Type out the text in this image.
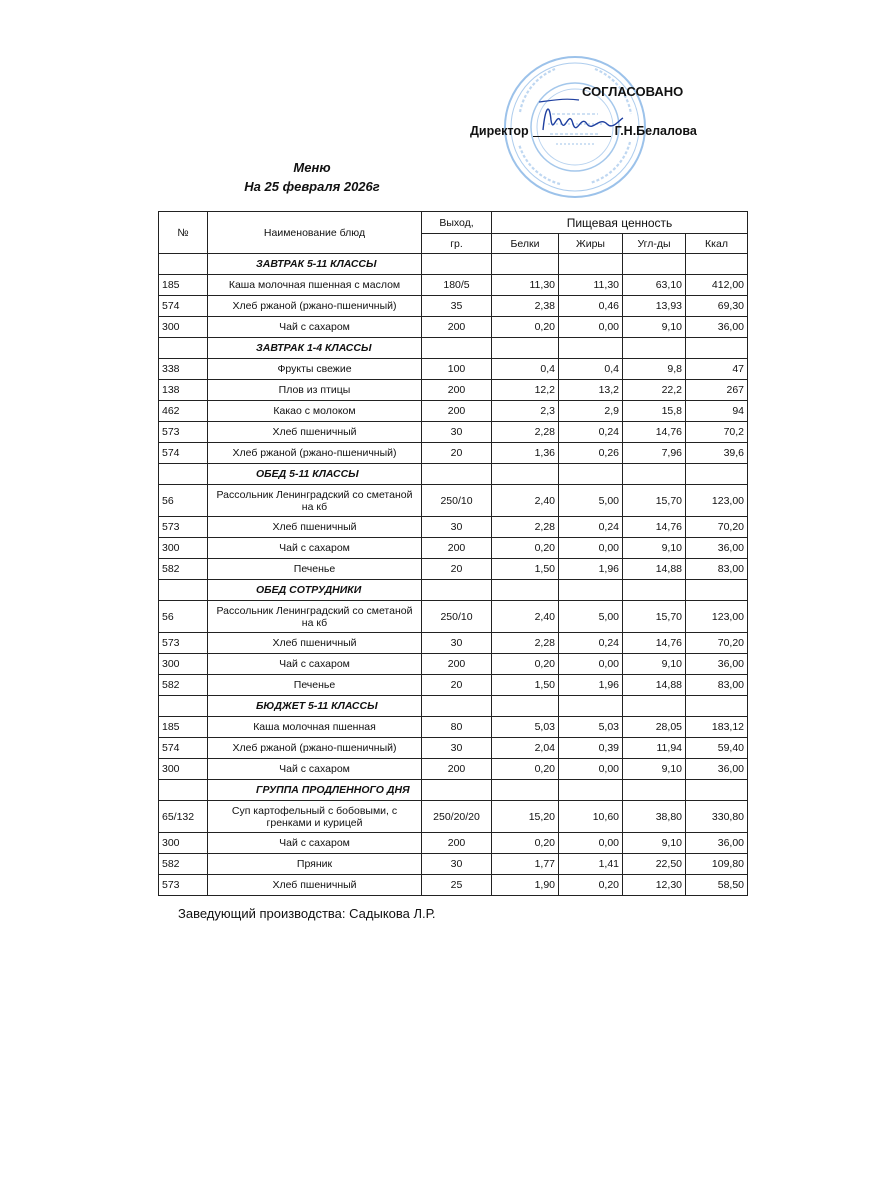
СОГЛАСОВАНО
Директор	Г.Н.Белалова
Меню
На 25 февраля 2026г
№	Наименование блюд	Выход,	Пищевая ценность			
		гр.	Белки	Жиры	Угл-ды	Ккал
	ЗАВТРАК 5-11 КЛАССЫ					
185	Каша молочная пшенная с маслом	180/5	11,30	11,30	63,10	412,00
574	Хлеб ржаной (ржано-пшеничный)	35	2,38	0,46	13,93	69,30
300	Чай с сахаром	200	0,20	0,00	9,10	36,00
	ЗАВТРАК 1-4 КЛАССЫ					
338	Фрукты свежие	100	0,4	0,4	9,8	47
138	Плов из птицы	200	12,2	13,2	22,2	267
462	Какао с молоком	200	2,3	2,9	15,8	94
573	Хлеб пшеничный	30	2,28	0,24	14,76	70,2
574	Хлеб ржаной (ржано-пшеничный)	20	1,36	0,26	7,96	39,6
	ОБЕД 5-11 КЛАССЫ					
56	Рассольник Ленинградский со сметаной на кб	250/10	2,40	5,00	15,70	123,00
573	Хлеб пшеничный	30	2,28	0,24	14,76	70,20
300	Чай с сахаром	200	0,20	0,00	9,10	36,00
582	Печенье	20	1,50	1,96	14,88	83,00
	ОБЕД СОТРУДНИКИ					
56	Рассольник Ленинградский со сметаной на кб	250/10	2,40	5,00	15,70	123,00
573	Хлеб пшеничный	30	2,28	0,24	14,76	70,20
300	Чай с сахаром	200	0,20	0,00	9,10	36,00
582	Печенье	20	1,50	1,96	14,88	83,00
	БЮДЖЕТ 5-11 КЛАССЫ					
185	Каша молочная пшенная	80	5,03	5,03	28,05	183,12
574	Хлеб ржаной (ржано-пшеничный)	30	2,04	0,39	11,94	59,40
300	Чай с сахаром	200	0,20	0,00	9,10	36,00
	ГРУППА ПРОДЛЕННОГО ДНЯ					
65/132	Суп картофельный с бобовыми, с гренками и курицей	250/20/20	15,20	10,60	38,80	330,80
300	Чай с сахаром	200	0,20	0,00	9,10	36,00
582	Пряник	30	1,77	1,41	22,50	109,80
573	Хлеб пшеничный	25	1,90	0,20	12,30	58,50
Заведующий производства: Садыкова Л.Р.
